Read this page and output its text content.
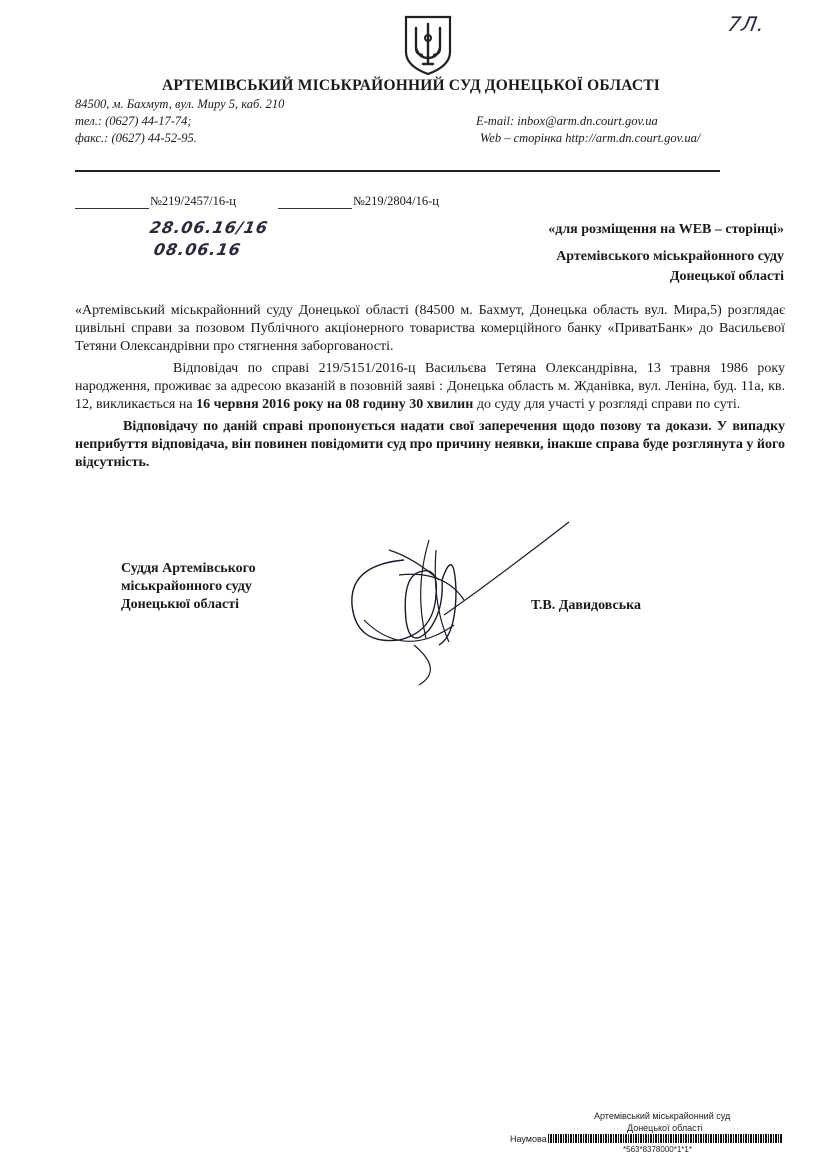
7Л.
АРТЕМІВСЬКИЙ МІСЬКРАЙОННИЙ СУД ДОНЕЦЬКОЇ ОБЛАСТІ
84500, м. Бахмут, вул. Миру 5, каб. 210
тел.: (0627) 44-17-74;
факс.: (0627) 44-52-95.
E-mail: inbox@arm.dn.court.gov.ua
Web – сторінка http://arm.dn.court.gov.ua/
№219/2457/16-ц	№219/2804/16-ц
28.06.16/16
08.06.16
«для розміщення на WEB – сторінці»
Артемівського міськрайонного суду
Донецької області

«Артемівський міськрайонний суду Донецької області (84500 м. Бахмут, Донецька область вул. Мира,5) розглядає цивільні справи за позовом Публічного акціонерного товариства комерційного банку «ПриватБанк» до Васильєвої Тетяни Олександрівни про стягнення заборгованості.

Відповідач по справі 219/5151/2016-ц Васильєва Тетяна Олександрівна, 13 травня 1986 року народження, проживає за адресою вказаній в позовній заяві : Донецька область м. Жданівка, вул. Леніна, буд. 11а, кв. 12, викликається на 16 червня 2016 року на 08 годину 30 хвилин до суду для участі у розгляді справи по суті.

Відповідачу по даній справі пропонується надати свої заперечення щодо позову та докази. У випадку неприбуття відповідача, він повинен повідомити суд про причину неявки, інакше справа буде розглянута у його відсутність.

Суддя Артемівського
міськрайонного суду
Донецькюї області	Т.В. Давидовська
Артемівський міськрайонний суд
Донецької області
Наумова
*563*8378000*1*1*
